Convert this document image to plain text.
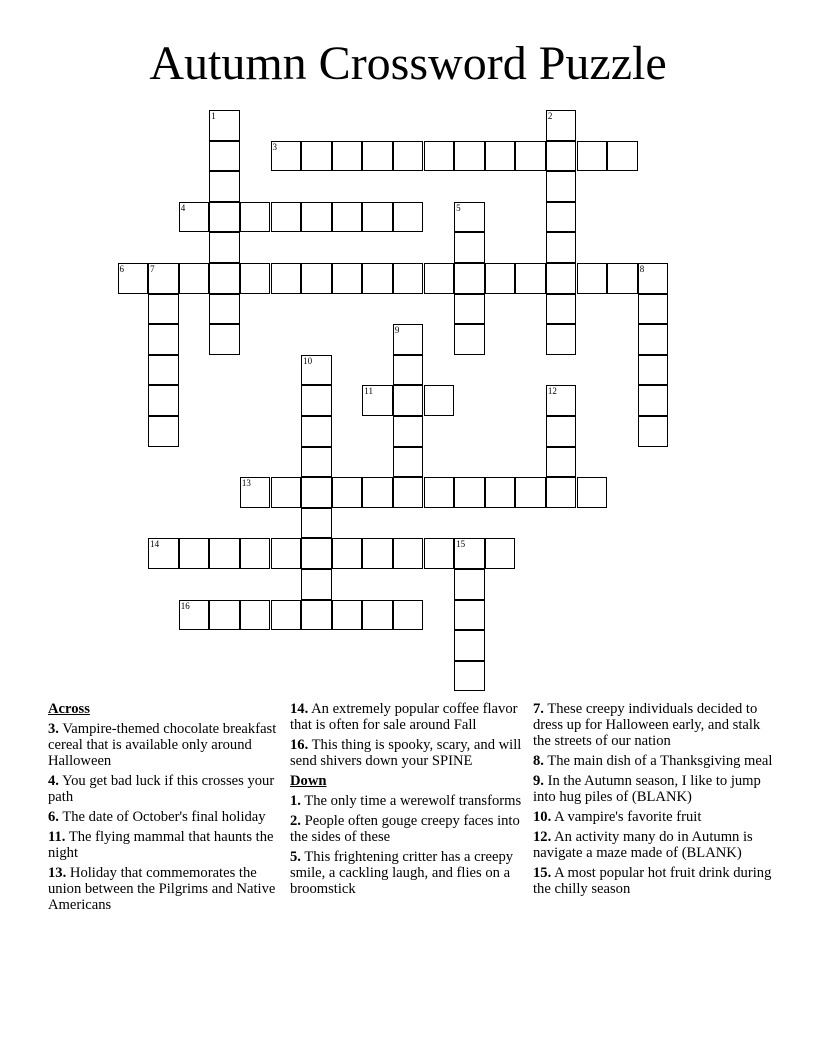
Autumn Crossword Puzzle
3
4
6	7	8
11
13
14	15
16
1	2
5
9
10
12

Across

3. Vampire-themed chocolate breakfast cereal that is available only around Halloween

4. You get bad luck if this crosses your path

6. The date of October's final holiday

11. The flying mammal that haunts the night

13. Holiday that commemorates the union between the Pilgrims and Native Americans

14. An extremely popular coffee flavor that is often for sale around Fall

16. This thing is spooky, scary, and will send shivers down your SPINE

Down

1. The only time a werewolf transforms

2. People often gouge creepy faces into the sides of these

5. This frightening critter has a creepy smile, a cackling laugh, and flies on a broomstick

7. These creepy individuals decided to dress up for Halloween early, and stalk the streets of our nation

8. The main dish of a Thanksgiving meal

9. In the Autumn season, I like to jump into hug piles of (BLANK)

10. A vampire's favorite fruit

12. An activity many do in Autumn is navigate a maze made of (BLANK)

15. A most popular hot fruit drink during the chilly season
